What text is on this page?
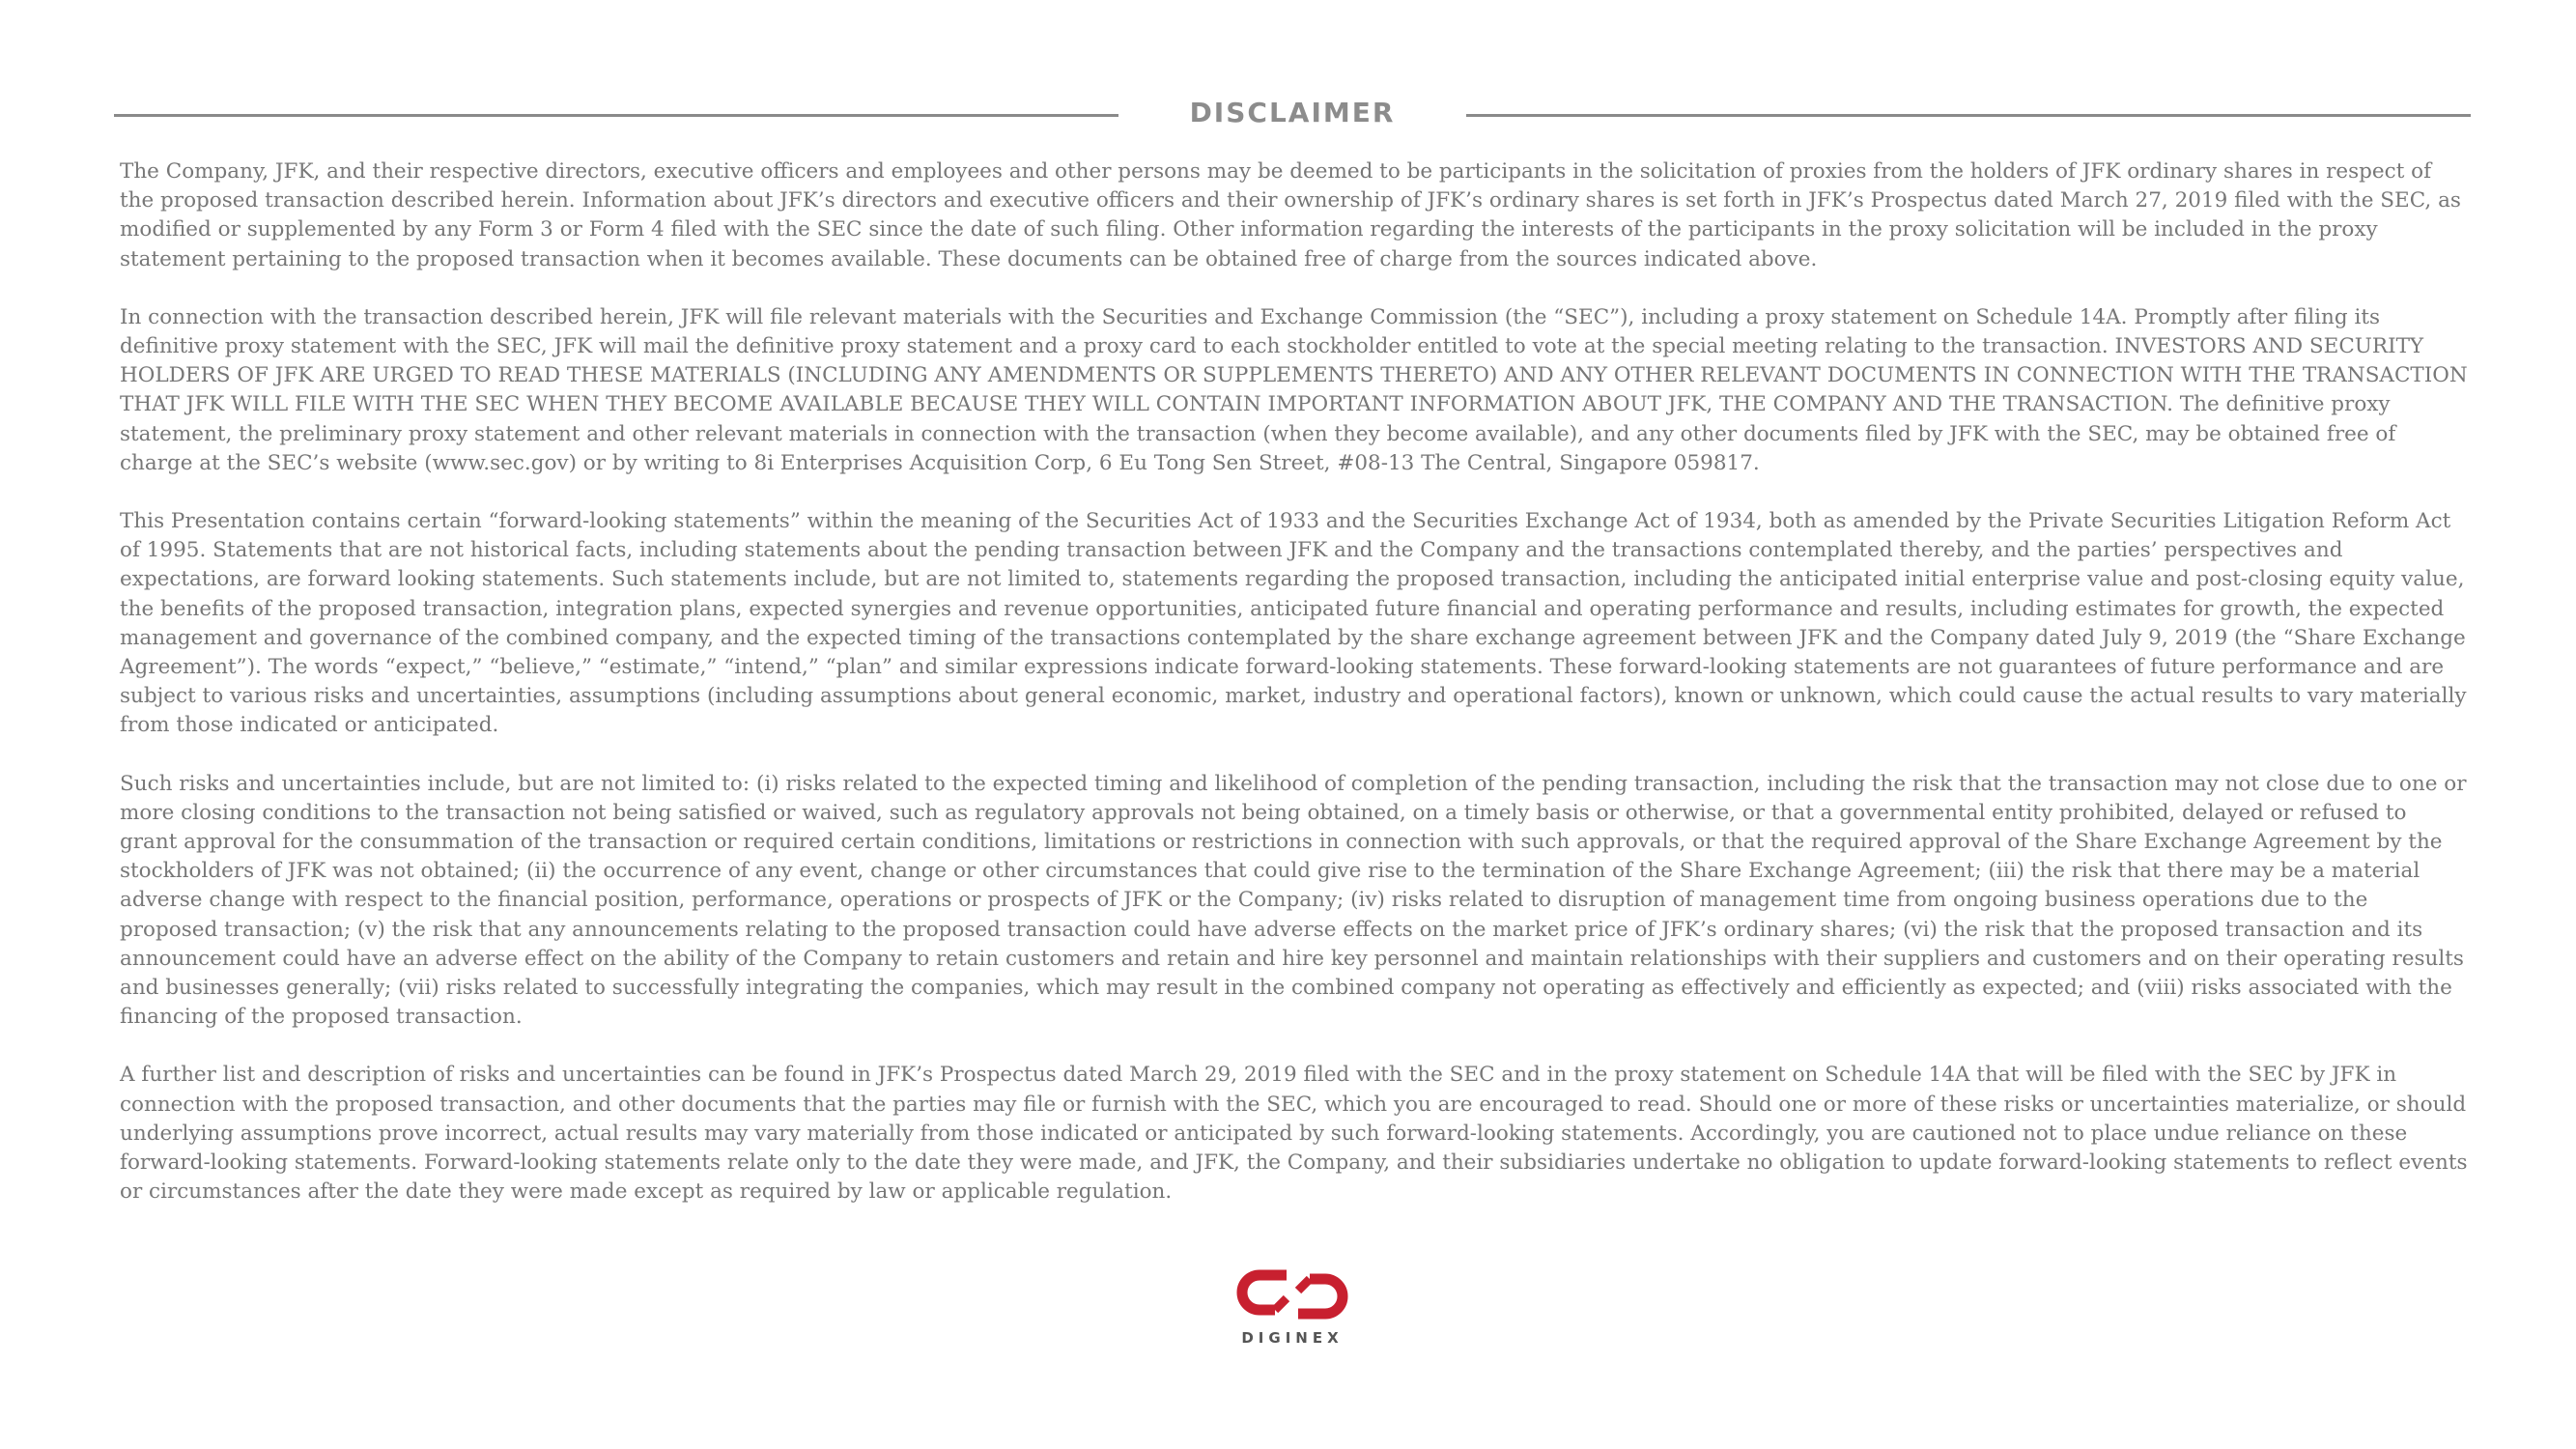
DISCLAIMER

The Company, JFK, and their respective directors, executive officers and employees and other persons may be deemed to be participants in the solicitation of proxies from the holders of JFK ordinary shares in respect of the proposed transaction described herein. Information about JFK’s directors and executive officers and their ownership of JFK’s ordinary shares is set forth in JFK’s Prospectus dated March 27, 2019 filed with the SEC, as modified or supplemented by any Form 3 or Form 4 filed with the SEC since the date of such filing. Other information regarding the interests of the participants in the proxy solicitation will be included in the proxy statement pertaining to the proposed transaction when it becomes available. These documents can be obtained free of charge from the sources indicated above.

In connection with the transaction described herein, JFK will file relevant materials with the Securities and Exchange Commission (the “SEC”), including a proxy statement on Schedule 14A. Promptly after filing its definitive proxy statement with the SEC, JFK will mail the definitive proxy statement and a proxy card to each stockholder entitled to vote at the special meeting relating to the transaction. INVESTORS AND SECURITY HOLDERS OF JFK ARE URGED TO READ THESE MATERIALS (INCLUDING ANY AMENDMENTS OR SUPPLEMENTS THERETO) AND ANY OTHER RELEVANT DOCUMENTS IN CONNECTION WITH THE TRANSACTION THAT JFK WILL FILE WITH THE SEC WHEN THEY BECOME AVAILABLE BECAUSE THEY WILL CONTAIN IMPORTANT INFORMATION ABOUT JFK, THE COMPANY AND THE TRANSACTION. The definitive proxy statement, the preliminary proxy statement and other relevant materials in connection with the transaction (when they become available), and any other documents filed by JFK with the SEC, may be obtained free of charge at the SEC’s website (www.sec.gov) or by writing to 8i Enterprises Acquisition Corp, 6 Eu Tong Sen Street, #08-13 The Central, Singapore 059817.

This Presentation contains certain “forward-looking statements” within the meaning of the Securities Act of 1933 and the Securities Exchange Act of 1934, both as amended by the Private Securities Litigation Reform Act of 1995. Statements that are not historical facts, including statements about the pending transaction between JFK and the Company and the transactions contemplated thereby, and the parties’ perspectives and expectations, are forward looking statements. Such statements include, but are not limited to, statements regarding the proposed transaction, including the anticipated initial enterprise value and post-closing equity value, the benefits of the proposed transaction, integration plans, expected synergies and revenue opportunities, anticipated future financial and operating performance and results, including estimates for growth, the expected management and governance of the combined company, and the expected timing of the transactions contemplated by the share exchange agreement between JFK and the Company dated July 9, 2019 (the “Share Exchange Agreement”). The words “expect,” “believe,” “estimate,” “intend,” “plan” and similar expressions indicate forward-looking statements. These forward-looking statements are not guarantees of future performance and are subject to various risks and uncertainties, assumptions (including assumptions about general economic, market, industry and operational factors), known or unknown, which could cause the actual results to vary materially from those indicated or anticipated.

Such risks and uncertainties include, but are not limited to: (i) risks related to the expected timing and likelihood of completion of the pending transaction, including the risk that the transaction may not close due to one or more closing conditions to the transaction not being satisfied or waived, such as regulatory approvals not being obtained, on a timely basis or otherwise, or that a governmental entity prohibited, delayed or refused to grant approval for the consummation of the transaction or required certain conditions, limitations or restrictions in connection with such approvals, or that the required approval of the Share Exchange Agreement by the stockholders of JFK was not obtained; (ii) the occurrence of any event, change or other circumstances that could give rise to the termination of the Share Exchange Agreement; (iii) the risk that there may be a material adverse change with respect to the financial position, performance, operations or prospects of JFK or the Company; (iv) risks related to disruption of management time from ongoing business operations due to the proposed transaction; (v) the risk that any announcements relating to the proposed transaction could have adverse effects on the market price of JFK’s ordinary shares; (vi) the risk that the proposed transaction and its announcement could have an adverse effect on the ability of the Company to retain customers and retain and hire key personnel and maintain relationships with their suppliers and customers and on their operating results and businesses generally; (vii) risks related to successfully integrating the companies, which may result in the combined company not operating as effectively and efficiently as expected; and (viii) risks associated with the financing of the proposed transaction.

A further list and description of risks and uncertainties can be found in JFK’s Prospectus dated March 29, 2019 filed with the SEC and in the proxy statement on Schedule 14A that will be filed with the SEC by JFK in connection with the proposed transaction, and other documents that the parties may file or furnish with the SEC, which you are encouraged to read. Should one or more of these risks or uncertainties materialize, or should underlying assumptions prove incorrect, actual results may vary materially from those indicated or anticipated by such forward-looking statements. Accordingly, you are cautioned not to place undue reliance on these forward-looking statements. Forward-looking statements relate only to the date they were made, and JFK, the Company, and their subsidiaries undertake no obligation to update forward-looking statements to reflect events or circumstances after the date they were made except as required by law or applicable regulation.

DIGINEX
